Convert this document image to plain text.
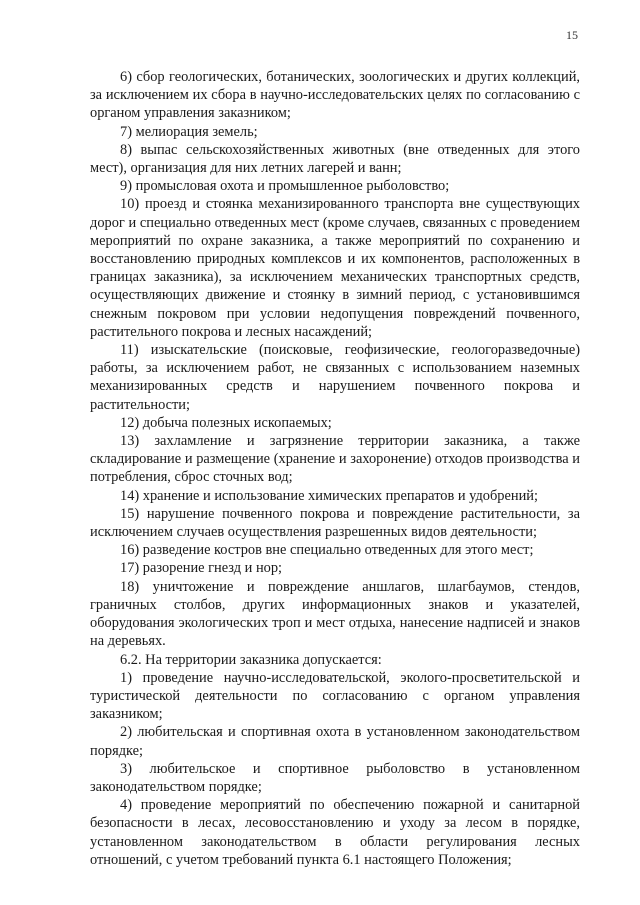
15

6) сбор геологических, ботанических, зоологических и других коллекций, за исключением их сбора в научно-исследовательских целях по согласованию с органом управления заказником;

7) мелиорация земель;

8) выпас сельскохозяйственных животных (вне отведенных для этого мест), организация для них летних лагерей и ванн;

9) промысловая охота и промышленное рыболовство;

10) проезд и стоянка механизированного транспорта вне существующих дорог и специально отведенных мест (кроме случаев, связанных с проведением мероприятий по охране заказника, а также мероприятий по сохранению и восстановлению природных комплексов и их компонентов, расположенных в границах заказника), за исключением механических транспортных средств, осуществляющих движение и стоянку в зимний период, с установившимся снежным покровом при условии недопущения повреждений почвенного, растительного покрова и лесных насаждений;

11) изыскательские (поисковые, геофизические, геологоразведочные) работы, за исключением работ, не связанных с использованием наземных механизированных средств и нарушением почвенного покрова и растительности;

12) добыча полезных ископаемых;

13) захламление и загрязнение территории заказника, а также складирование и размещение (хранение и захоронение) отходов производства и потребления, сброс сточных вод;

14) хранение и использование химических препаратов и удобрений;

15) нарушение почвенного покрова и повреждение растительности, за исключением случаев осуществления разрешенных видов деятельности;

16) разведение костров вне специально отведенных для этого мест;

17) разорение гнезд и нор;

18) уничтожение и повреждение аншлагов, шлагбаумов, стендов, граничных столбов, других информационных знаков и указателей, оборудования экологических троп и мест отдыха, нанесение надписей и знаков на деревьях.

6.2. На территории заказника допускается:

1) проведение научно-исследовательской, эколого-просветительской и туристической деятельности по согласованию с органом управления заказником;

2) любительская и спортивная охота в установленном законодательством порядке;

3) любительское и спортивное рыболовство в установленном законодательством порядке;

4) проведение мероприятий по обеспечению пожарной и санитарной безопасности в лесах, лесовосстановлению и уходу за лесом в порядке, установленном законодательством в области регулирования лесных отношений, с учетом требований пункта 6.1 настоящего Положения;
